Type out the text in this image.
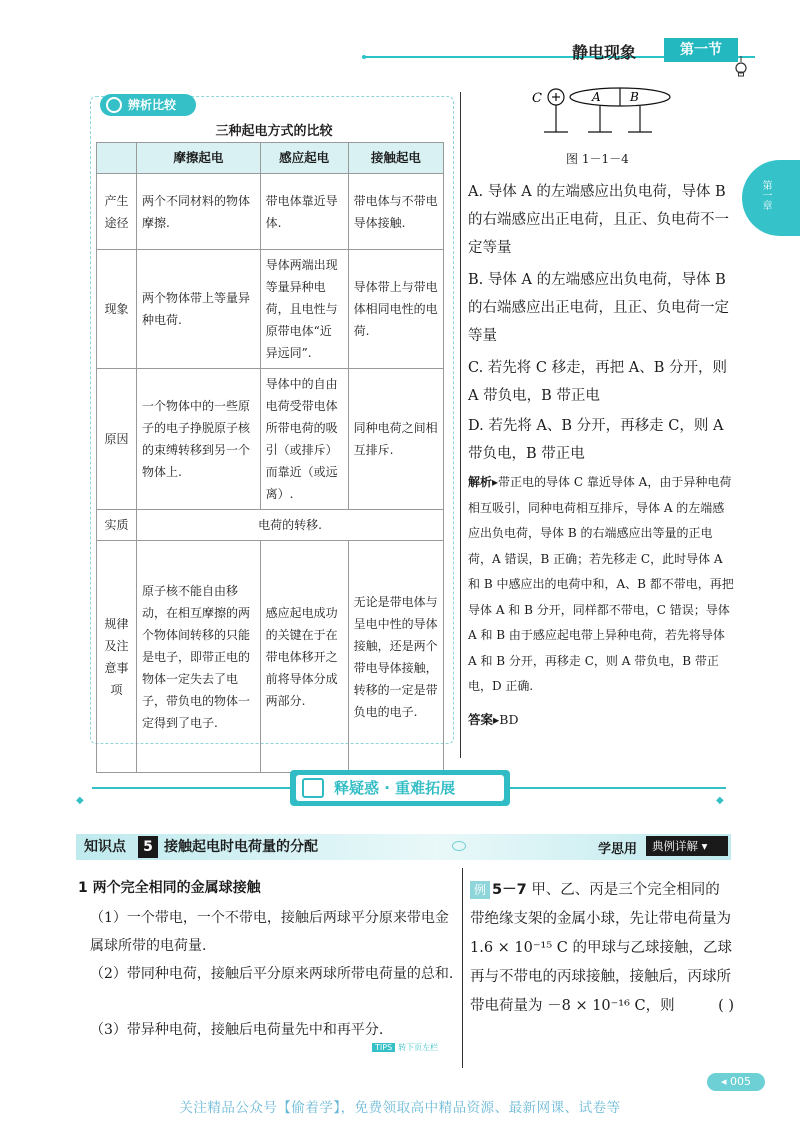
静电现象	第一节
第一章
辨析比较
三种起电方式的比较
	摩擦起电	感应起电	接触起电
产生途径	两个不同材料的物体摩擦.	带电体靠近导体.	带电体与不带电导体接触.
现象	两个物体带上等量异种电荷.	导体两端出现等量异种电荷，且电性与原带电体“近异远同”.	导体带上与带电体相同电性的电荷.
原因	一个物体中的一些原子的电子挣脱原子核的束缚转移到另一个物体上.	导体中的自由电荷受带电体所带电荷的吸引（或排斥）而靠近（或远离）.	同种电荷之间相互排斥.
实质	电荷的转移.		
规律及注意事项	原子核不能自由移动，在相互摩擦的两个物体间转移的只能是电子，即带正电的物体一定失去了电子，带负电的物体一定得到了电子.	感应起电成功的关键在于在带电体移开之前将导体分成两部分.	无论是带电体与呈电中性的导体接触，还是两个带电导体接触，转移的一定是带负电的电子.
C	A B
图 1－1－4
A. 导体 A 的左端感应出负电荷，导体 B 的右端感应出正电荷，且正、负电荷不一定等量
B. 导体 A 的左端感应出负电荷，导体 B 的右端感应出正电荷，且正、负电荷一定等量
C. 若先将 C 移走，再把 A、B 分开，则 A 带负电，B 带正电
D. 若先将 A、B 分开，再移走 C，则 A 带负电，B 带正电
解析▸带正电的导体 C 靠近导体 A，由于异种电荷相互吸引，同种电荷相互排斥，导体 A 的左端感应出负电荷，导体 B 的右端感应出等量的正电荷，A 错误，B 正确；若先移走 C，此时导体 A 和 B 中感应出的电荷中和，A、B 都不带电，再把导体 A 和 B 分开，同样都不带电，C 错误；导体 A 和 B 由于感应起电带上异种电荷，若先将导体 A 和 B 分开，再移走 C，则 A 带负电，B 带正电，D 正确.
答案▸BD
◆	◆
释疑惑 · 重难拓展
知识点	5 接触起电时电荷量的分配	学思用	典例详解 ▾
1 两个完全相同的金属球接触
（1）一个带电，一个不带电，接触后两球平分原来带电金属球所带的电荷量.
（2）带同种电荷，接触后平分原来两球所带电荷量的总和.
（3）带异种电荷，接触后电荷量先中和再平分.
TIPS 转下页左栏
例 5－7 甲、乙、丙是三个完全相同的带绝缘支架的金属小球，先让带电荷量为 1.6 × 10⁻¹⁵ C 的甲球与乙球接触，乙球再与不带电的丙球接触，接触后，丙球所带电荷量为 －8 × 10⁻¹⁶ C，则	( )
◂ 005
关注精品公众号【偷着学】，免费领取高中精品资源、最新网课、试卷等
